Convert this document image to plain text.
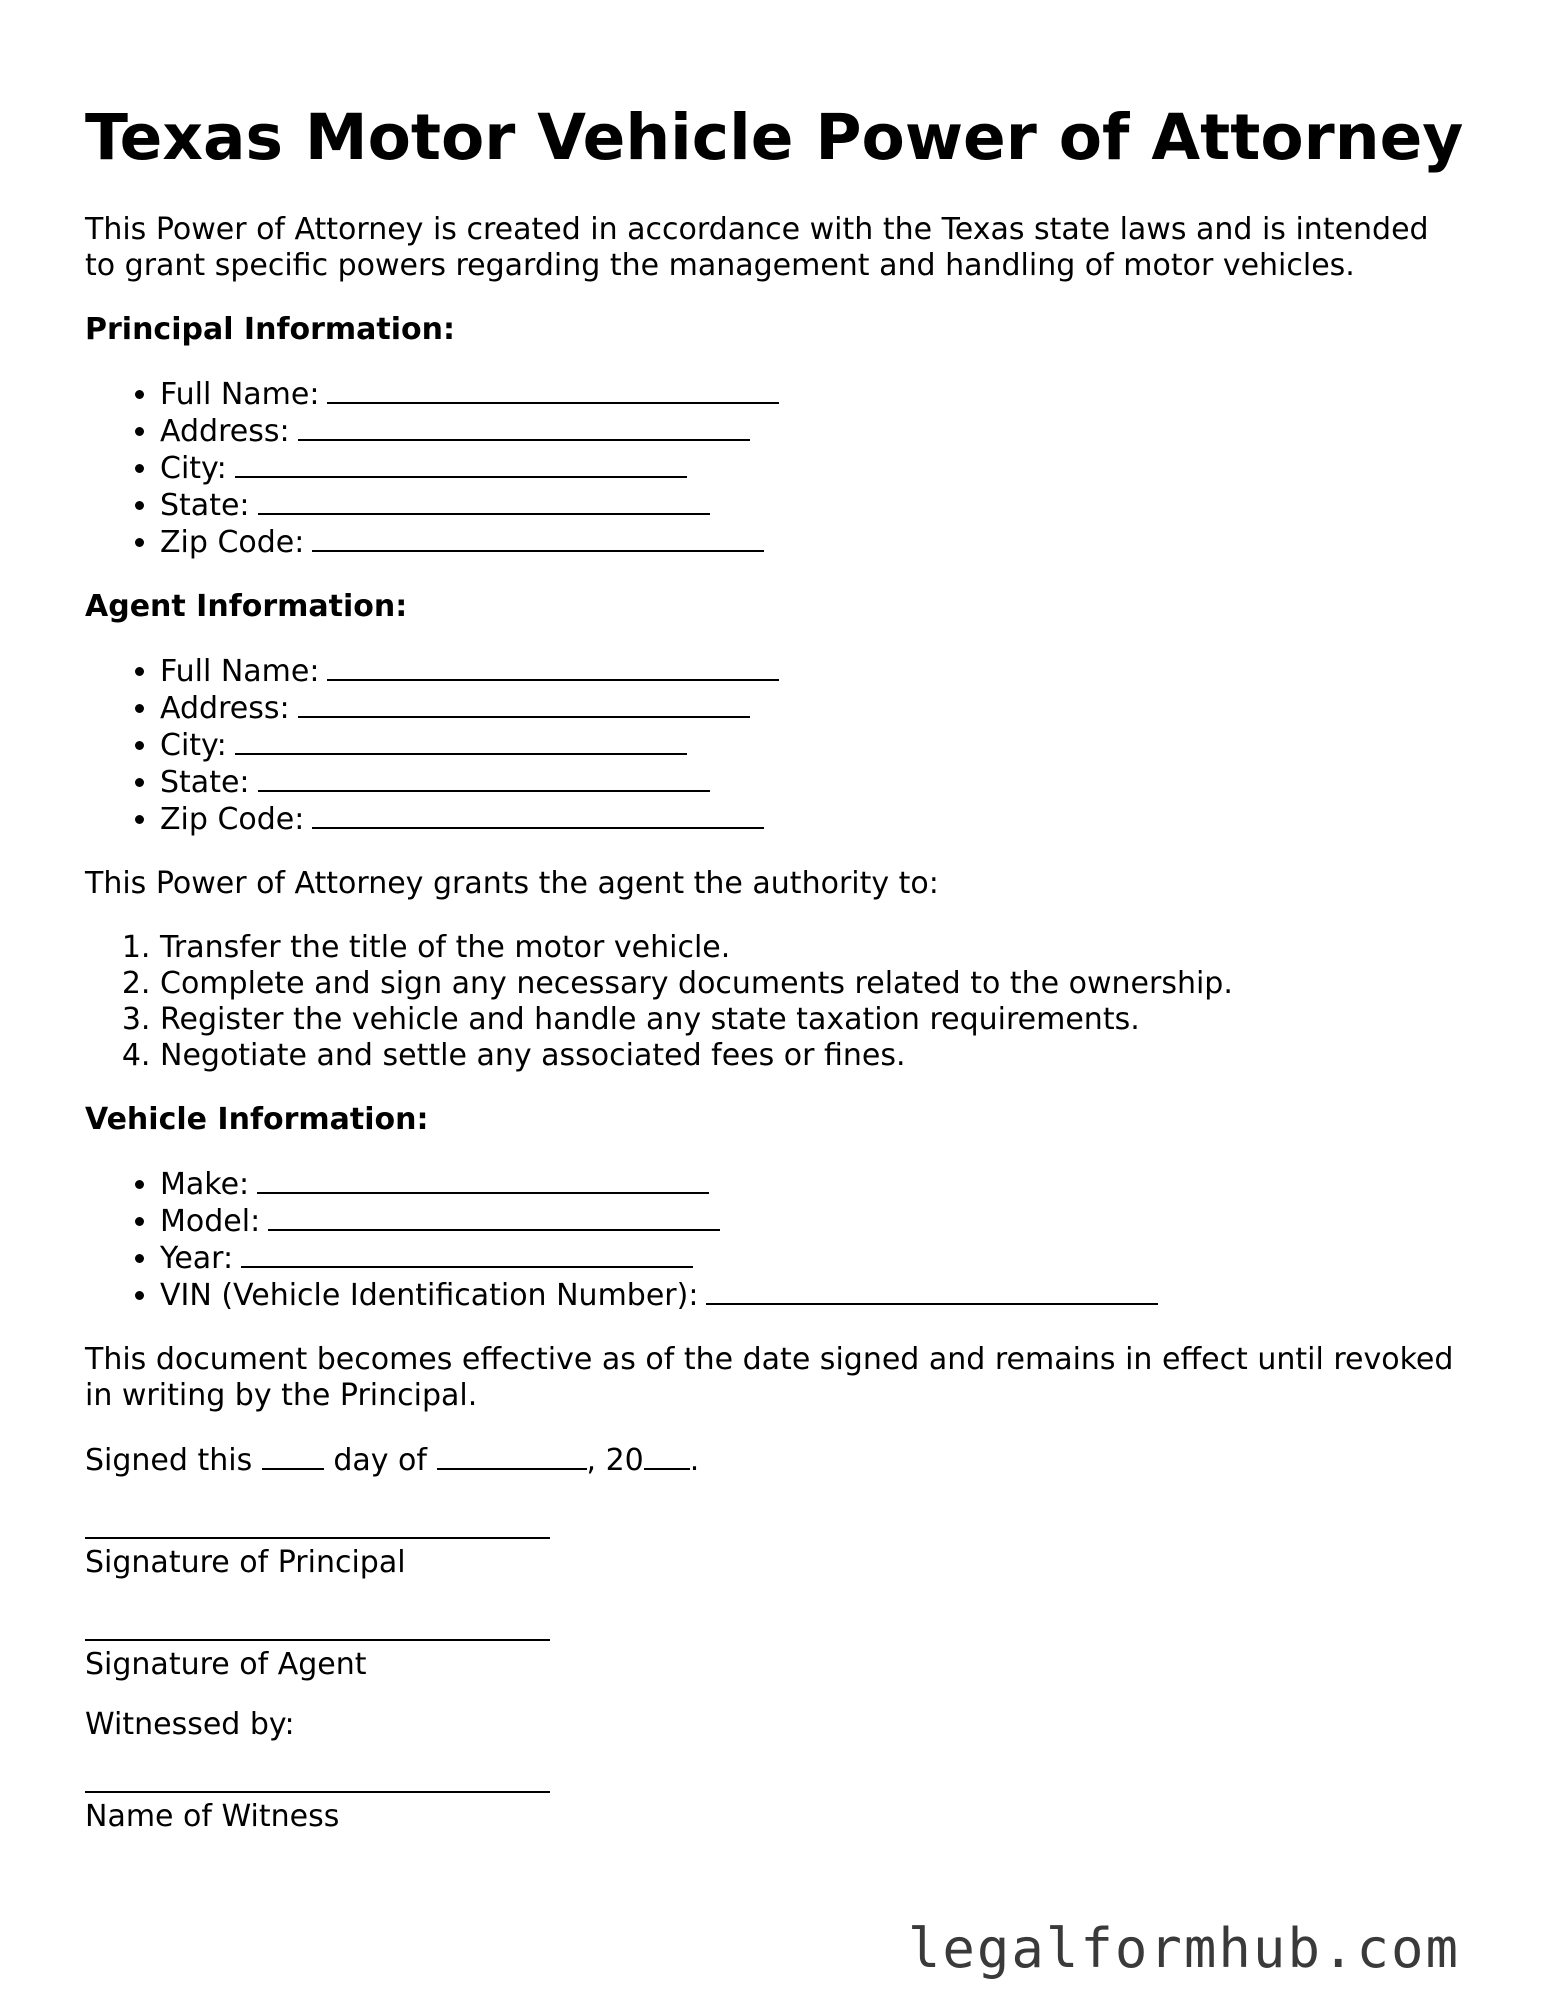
Texas Motor Vehicle Power of Attorney

This Power of Attorney is created in accordance with the Texas state laws and is intended to grant specific powers regarding the management and handling of motor vehicles.

Principal Information:
• Full Name:
• Address:
• City:
• State:
• Zip Code:
Agent Information:
• Full Name:
• Address:
• City:
• State:
• Zip Code:

This Power of Attorney grants the agent the authority to:

1. Transfer the title of the motor vehicle.
2. Complete and sign any necessary documents related to the ownership.
3. Register the vehicle and handle any state taxation requirements.
4. Negotiate and settle any associated fees or fines.
Vehicle Information:
• Make:
• Model:
• Year:
• VIN (Vehicle Identification Number):

This document becomes effective as of the date signed and remains in effect until revoked in writing by the Principal.

Signed this	day of	, 20 .

Signature of Principal
Signature of Agent

Witnessed by:

Name of Witness
legalformhub.com
